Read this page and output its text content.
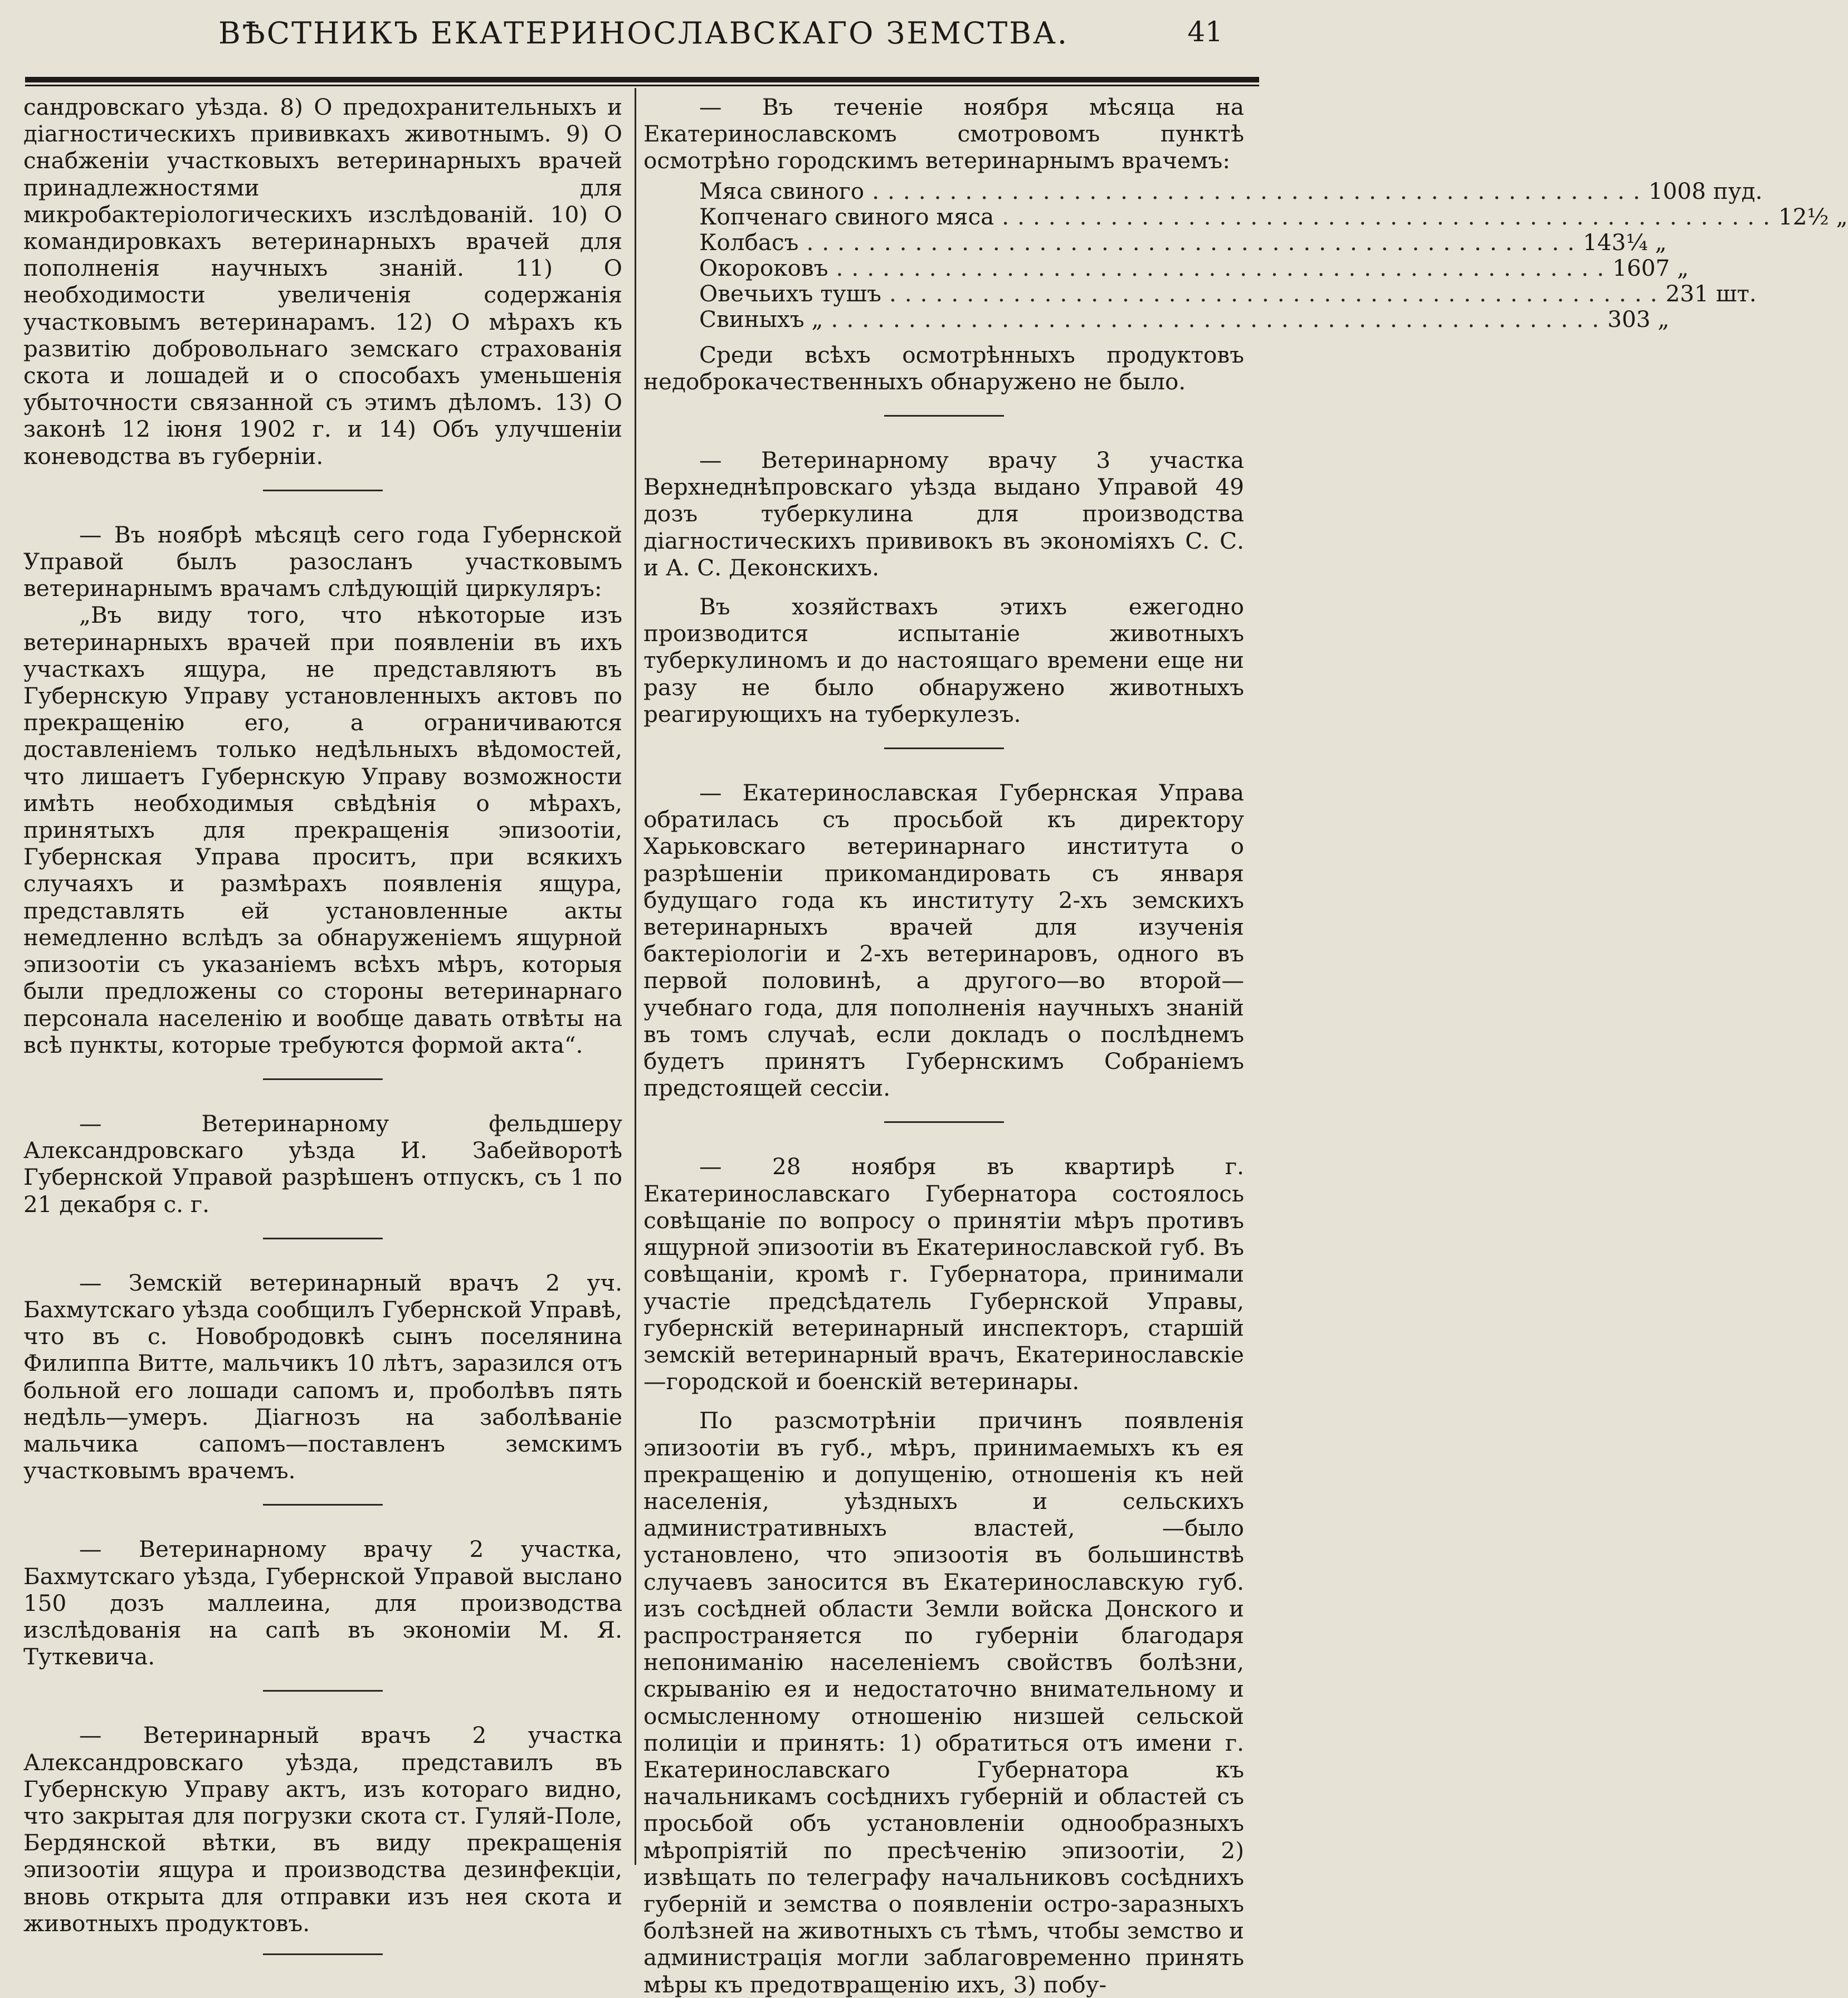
ВѢСТНИКЪ ЕКАТЕРИНОСЛАВСКАГО ЗЕМСТВА.	41

сандровскаго уѣзда. 8) О предохранительныхъ и діагностическихъ прививкахъ животнымъ. 9) О снабженіи участковыхъ ветеринарныхъ врачей принадлежностями для микробактеріологическихъ изслѣдованій. 10) О командировкахъ ветеринарныхъ врачей для пополненія научныхъ знаній. 11) О необходимости увеличенія содержанія участковымъ ветеринарамъ. 12) О мѣрахъ къ развитію добровольнаго земскаго страхованія скота и лошадей и о способахъ уменьшенія убыточности связанной съ этимъ дѣломъ. 13) О законѣ 12 іюня 1902 г. и 14) Объ улучшеніи коневодства въ губерніи.

— Въ ноябрѣ мѣсяцѣ сего года Губернской Управой былъ разосланъ участковымъ ветеринарнымъ врачамъ слѣдующій циркуляръ:

„Въ виду того, что нѣкоторые изъ ветеринарныхъ врачей при появленіи въ ихъ участкахъ ящура, не представляютъ въ Губернскую Управу установленныхъ актовъ по прекращенію его, а ограничиваются доставленіемъ только недѣльныхъ вѣдомостей, что лишаетъ Губернскую Управу возможности имѣть необходимыя свѣдѣнія о мѣрахъ, принятыхъ для прекращенія эпизоотіи, Губернская Управа проситъ, при всякихъ случаяхъ и размѣрахъ появленія ящура, представлять ей установленные акты немедленно вслѣдъ за обнаруженіемъ ящурной эпизоотіи съ указаніемъ всѣхъ мѣръ, которыя были предложены со стороны ветеринарнаго персонала населенію и вообще давать отвѣты на всѣ пункты, которые требуются формой акта“.

— Ветеринарному фельдшеру Александровскаго уѣзда И. Забейворотѣ Губернской Управой разрѣшенъ отпускъ, съ 1 по 21 декабря с. г.

— Земскій ветеринарный врачъ 2 уч. Бахмутскаго уѣзда сообщилъ Губернской Управѣ, что въ с. Новобродовкѣ сынъ поселянина Филиппа Витте, мальчикъ 10 лѣтъ, заразился отъ больной его лошади сапомъ и, проболѣвъ пять недѣль—умеръ. Діагнозъ на заболѣваніе мальчика сапомъ—поставленъ земскимъ участковымъ врачемъ.

— Ветеринарному врачу 2 участка, Бахмутскаго уѣзда, Губернской Управой выслано 150 дозъ маллеина, для производства изслѣдованія на сапѣ въ экономіи М. Я. Туткевича.

— Ветеринарный врачъ 2 участка Александровскаго уѣзда, представилъ въ Губернскую Управу актъ, изъ котораго видно, что закрытая для погрузки скота ст. Гуляй-Поле, Бердянской вѣтки, въ виду прекращенія эпизоотіи ящура и производства дезинфекціи, вновь открыта для отправки изъ нея скота и животныхъ продуктовъ.

— Въ теченіе ноября мѣсяца на Екатеринославскомъ смотровомъ пунктѣ осмотрѣно городскимъ ветеринарнымъ врачемъ:

Мяса свиного .................................................. 1008 пуд.
Копченаго свиного мяса .................................................. 12½ „
Колбасъ .................................................. 143¼ „
Окороковъ .................................................. 1607 „
Овечьихъ тушъ .................................................. 231 шт.
Свиныхъ „ .................................................. 303 „

Среди всѣхъ осмотрѣнныхъ продуктовъ недоброкачественныхъ обнаружено не было.

— Ветеринарному врачу 3 участка Верхнеднѣпровскаго уѣзда выдано Управой 49 дозъ туберкулина для производства діагностическихъ прививокъ въ экономіяхъ С. С. и А. С. Деконскихъ.

Въ хозяйствахъ этихъ ежегодно производится испытаніе животныхъ туберкулиномъ и до настоящаго времени еще ни разу не было обнаружено животныхъ реагирующихъ на туберкулезъ.

— Екатеринославская Губернская Управа обратилась съ просьбой къ директору Харьковскаго ветеринарнаго института о разрѣшеніи прикомандировать съ января будущаго года къ институту 2-хъ земскихъ ветеринарныхъ врачей для изученія бактеріологіи и 2-хъ ветеринаровъ, одного въ первой половинѣ, а другого—во второй—учебнаго года, для пополненія научныхъ знаній въ томъ случаѣ, если докладъ о послѣднемъ будетъ принятъ Губернскимъ Собраніемъ предстоящей сессіи.

— 28 ноября въ квартирѣ г. Екатеринославскаго Губернатора состоялось совѣщаніе по вопросу о принятіи мѣръ противъ ящурной эпизоотіи въ Екатеринославской губ. Въ совѣщаніи, кромѣ г. Губернатора, принимали участіе предсѣдатель Губернской Управы, губернскій ветеринарный инспекторъ, старшій земскій ветеринарный врачъ, Екатеринославскіе—городской и боенскій ветеринары.

По разсмотрѣніи причинъ появленія эпизоотіи въ губ., мѣръ, принимаемыхъ къ ея прекращенію и допущенію, отношенія къ ней населенія, уѣздныхъ и сельскихъ административныхъ властей, —было установлено, что эпизоотія въ большинствѣ случаевъ заносится въ Екатеринославскую губ. изъ сосѣдней области Земли войска Донского и распространяется по губерніи благодаря непониманію населеніемъ свойствъ болѣзни, скрыванію ея и недостаточно внимательному и осмысленному отношенію низшей сельской полиціи и принять: 1) обратиться отъ имени г. Екатеринославскаго Губернатора къ начальникамъ сосѣднихъ губерній и областей съ просьбой объ установленіи однообразныхъ мѣропріятій по пресѣченію эпизоотіи, 2) извѣщать по телеграфу начальниковъ сосѣднихъ губерній и земства о появленіи остро-заразныхъ болѣзней на животныхъ съ тѣмъ, чтобы земство и администрація могли заблаговременно принять мѣры къ предотвращенію ихъ, 3) побу-
